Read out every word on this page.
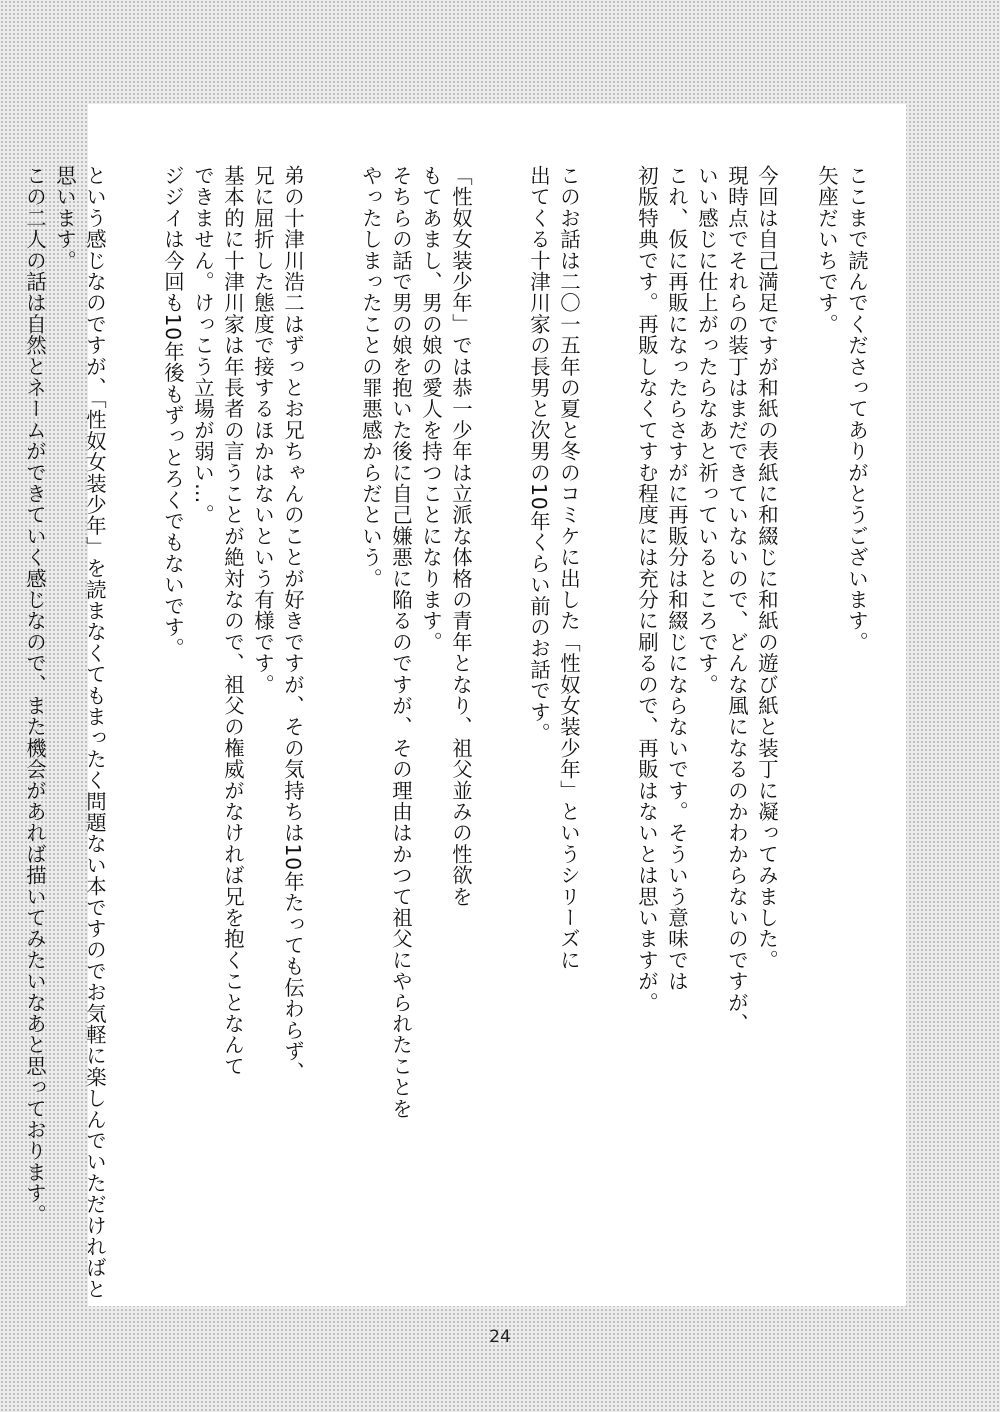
ここまで読んでくださってありがとうございます。
矢座だいちです。
今回は自己満足ですが和紙の表紙に和綴じに和紙の遊び紙と装丁に凝ってみました。
現時点でそれらの装丁はまだできていないので、どんな風になるのかわからないのですが、
いい感じに仕上がったらなあと祈っているところです。
これ、仮に再販になったらさすがに再販分は和綴じにならないです。そういう意味では
初版特典です。再販しなくてすむ程度には充分に刷るので、再販はないとは思いますが。
このお話は二〇一五年の夏と冬のコミケに出した「性奴女装少年」というシリーズに
出てくる十津川家の長男と次男の10年くらい前のお話です。
「性奴女装少年」では恭一少年は立派な体格の青年となり、祖父並みの性欲を
もてあまし、男の娘の愛人を持つことになります。
そちらの話で男の娘を抱いた後に自己嫌悪に陥るのですが、その理由はかつて祖父にやられたことを
やったしまったことの罪悪感からだという。
弟の十津川浩二はずっとお兄ちゃんのことが好きですが、その気持ちは10年たっても伝わらず、
兄に屈折した態度で接するほかはないという有様です。
基本的に十津川家は年長者の言うことが絶対なので、祖父の権威がなければ兄を抱くことなんて
できません。けっこう立場が弱い…。
ジジイは今回も10年後もずっとろくでもないです。
という感じなのですが、「性奴女装少年」を読まなくてもまったく問題ない本ですのでお気軽に楽しんでいただければと
思います。
この二人の話は自然とネームができていく感じなので、また機会があれば描いてみたいなあと思っております。
24
